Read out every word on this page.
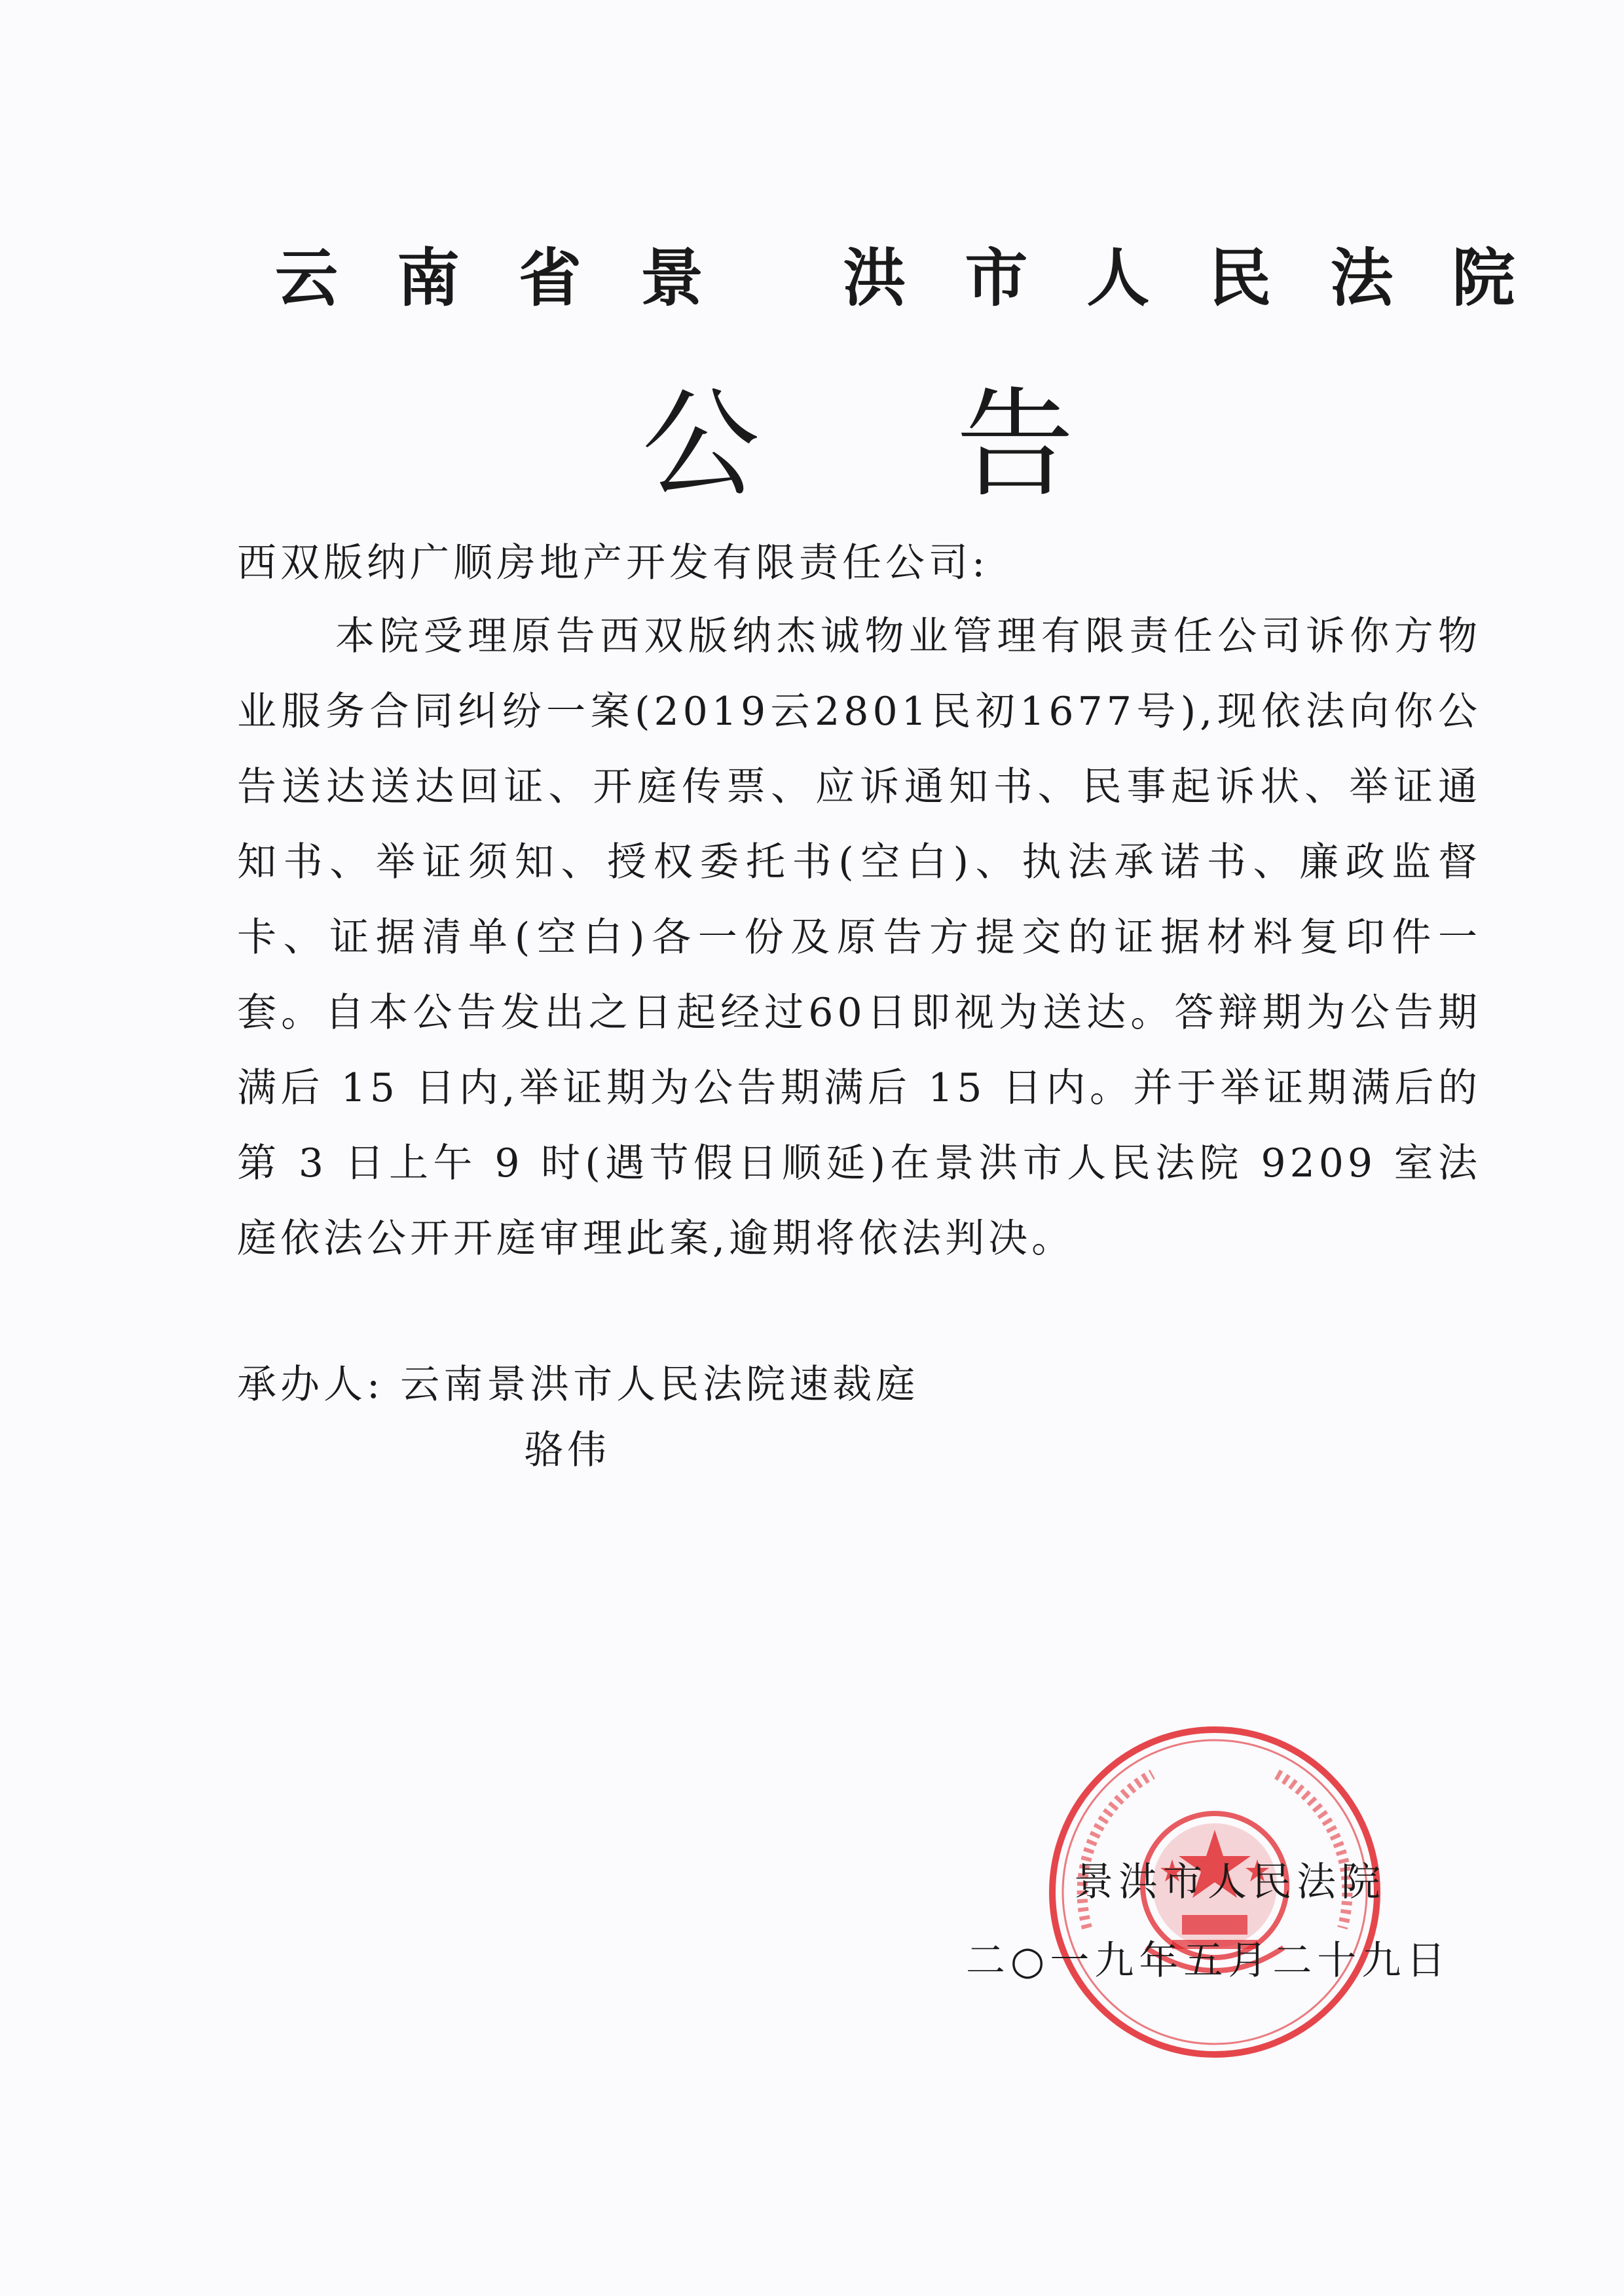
云南省景 洪市人民法院
公告
西双版纳广顺房地产开发有限责任公司:
本院受理原告西双版纳杰诚物业管理有限责任公司诉你方物业服务合同纠纷一案(2019云2801民初1677号),现依法向你公告送达送达回证、开庭传票、应诉通知书、民事起诉状、举证通知书、举证须知、授权委托书(空白)、执法承诺书、廉政监督卡、证据清单(空白)各一份及原告方提交的证据材料复印件一套。自本公告发出之日起经过60日即视为送达。答辩期为公告期满后 15 日内,举证期为公告期满后 15 日内。并于举证期满后的第 3 日上午 9 时(遇节假日顺延)在景洪市人民法院 9209 室法庭依法公开开庭审理此案,逾期将依法判决。
承办人: 云南景洪市人民法院速裁庭
骆伟
景洪市人民法院
二○一九年五月二十九日
